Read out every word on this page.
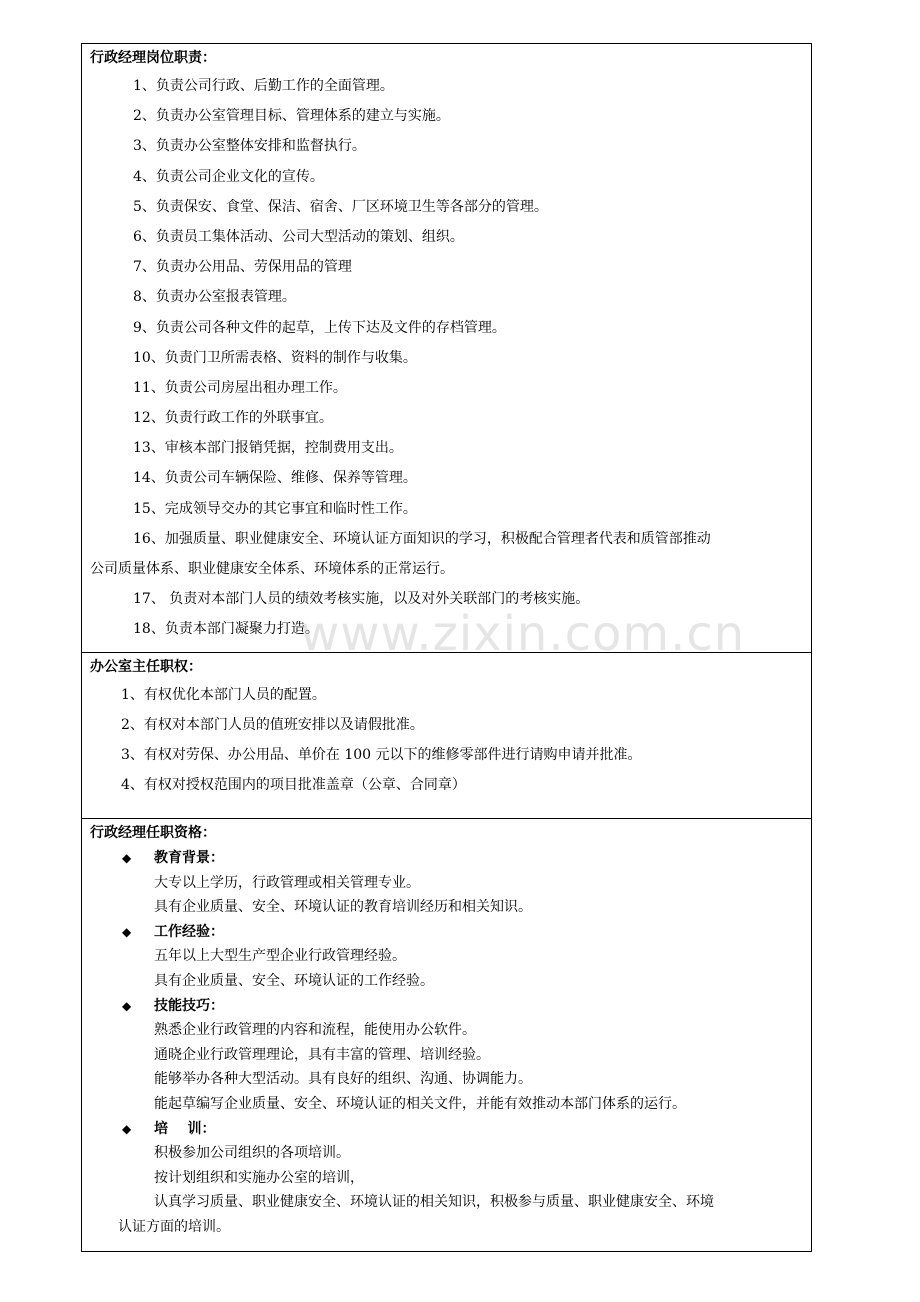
行政经理岗位职责：
1、负责公司行政、后勤工作的全面管理。
2、负责办公室管理目标、管理体系的建立与实施。
3、负责办公室整体安排和监督执行。
4、负责公司企业文化的宣传。
5、负责保安、食堂、保洁、宿舍、厂区环境卫生等各部分的管理。
6、负责员工集体活动、公司大型活动的策划、组织。
7、负责办公用品、劳保用品的管理
8、负责办公室报表管理。
9、负责公司各种文件的起草，上传下达及文件的存档管理。
10、负责门卫所需表格、资料的制作与收集。
11、负责公司房屋出租办理工作。
12、负责行政工作的外联事宜。
13、审核本部门报销凭据，控制费用支出。
14、负责公司车辆保险、维修、保养等管理。
15、完成领导交办的其它事宜和临时性工作。
16、加强质量、职业健康安全、环境认证方面知识的学习，积极配合管理者代表和质管部推动
公司质量体系、职业健康安全体系、环境体系的正常运行。
17、 负责对本部门人员的绩效考核实施，以及对外关联部门的考核实施。
18、负责本部门凝聚力打造。
办公室主任职权：
1、有权优化本部门人员的配置。
2、有权对本部门人员的值班安排以及请假批准。
3、有权对劳保、办公用品、单价在 100 元以下的维修零部件进行请购申请并批准。
4、有权对授权范围内的项目批准盖章（公章、合同章）
行政经理任职资格：
◆ 教育背景：
大专以上学历，行政管理或相关管理专业。
具有企业质量、安全、环境认证的教育培训经历和相关知识。
◆ 工作经验：
五年以上大型生产型企业行政管理经验。
具有企业质量、安全、环境认证的工作经验。
◆ 技能技巧：
熟悉企业行政管理的内容和流程，能使用办公软件。
通晓企业行政管理理论，具有丰富的管理、培训经验。
能够举办各种大型活动。具有良好的组织、沟通、协调能力。
能起草编写企业质量、安全、环境认证的相关文件，并能有效推动本部门体系的运行。
◆ 培    训：
积极参加公司组织的各项培训。
按计划组织和实施办公室的培训，
认真学习质量、职业健康安全、环境认证的相关知识，积极参与质量、职业健康安全、环境
认证方面的培训。
www.zixin.com.cn
